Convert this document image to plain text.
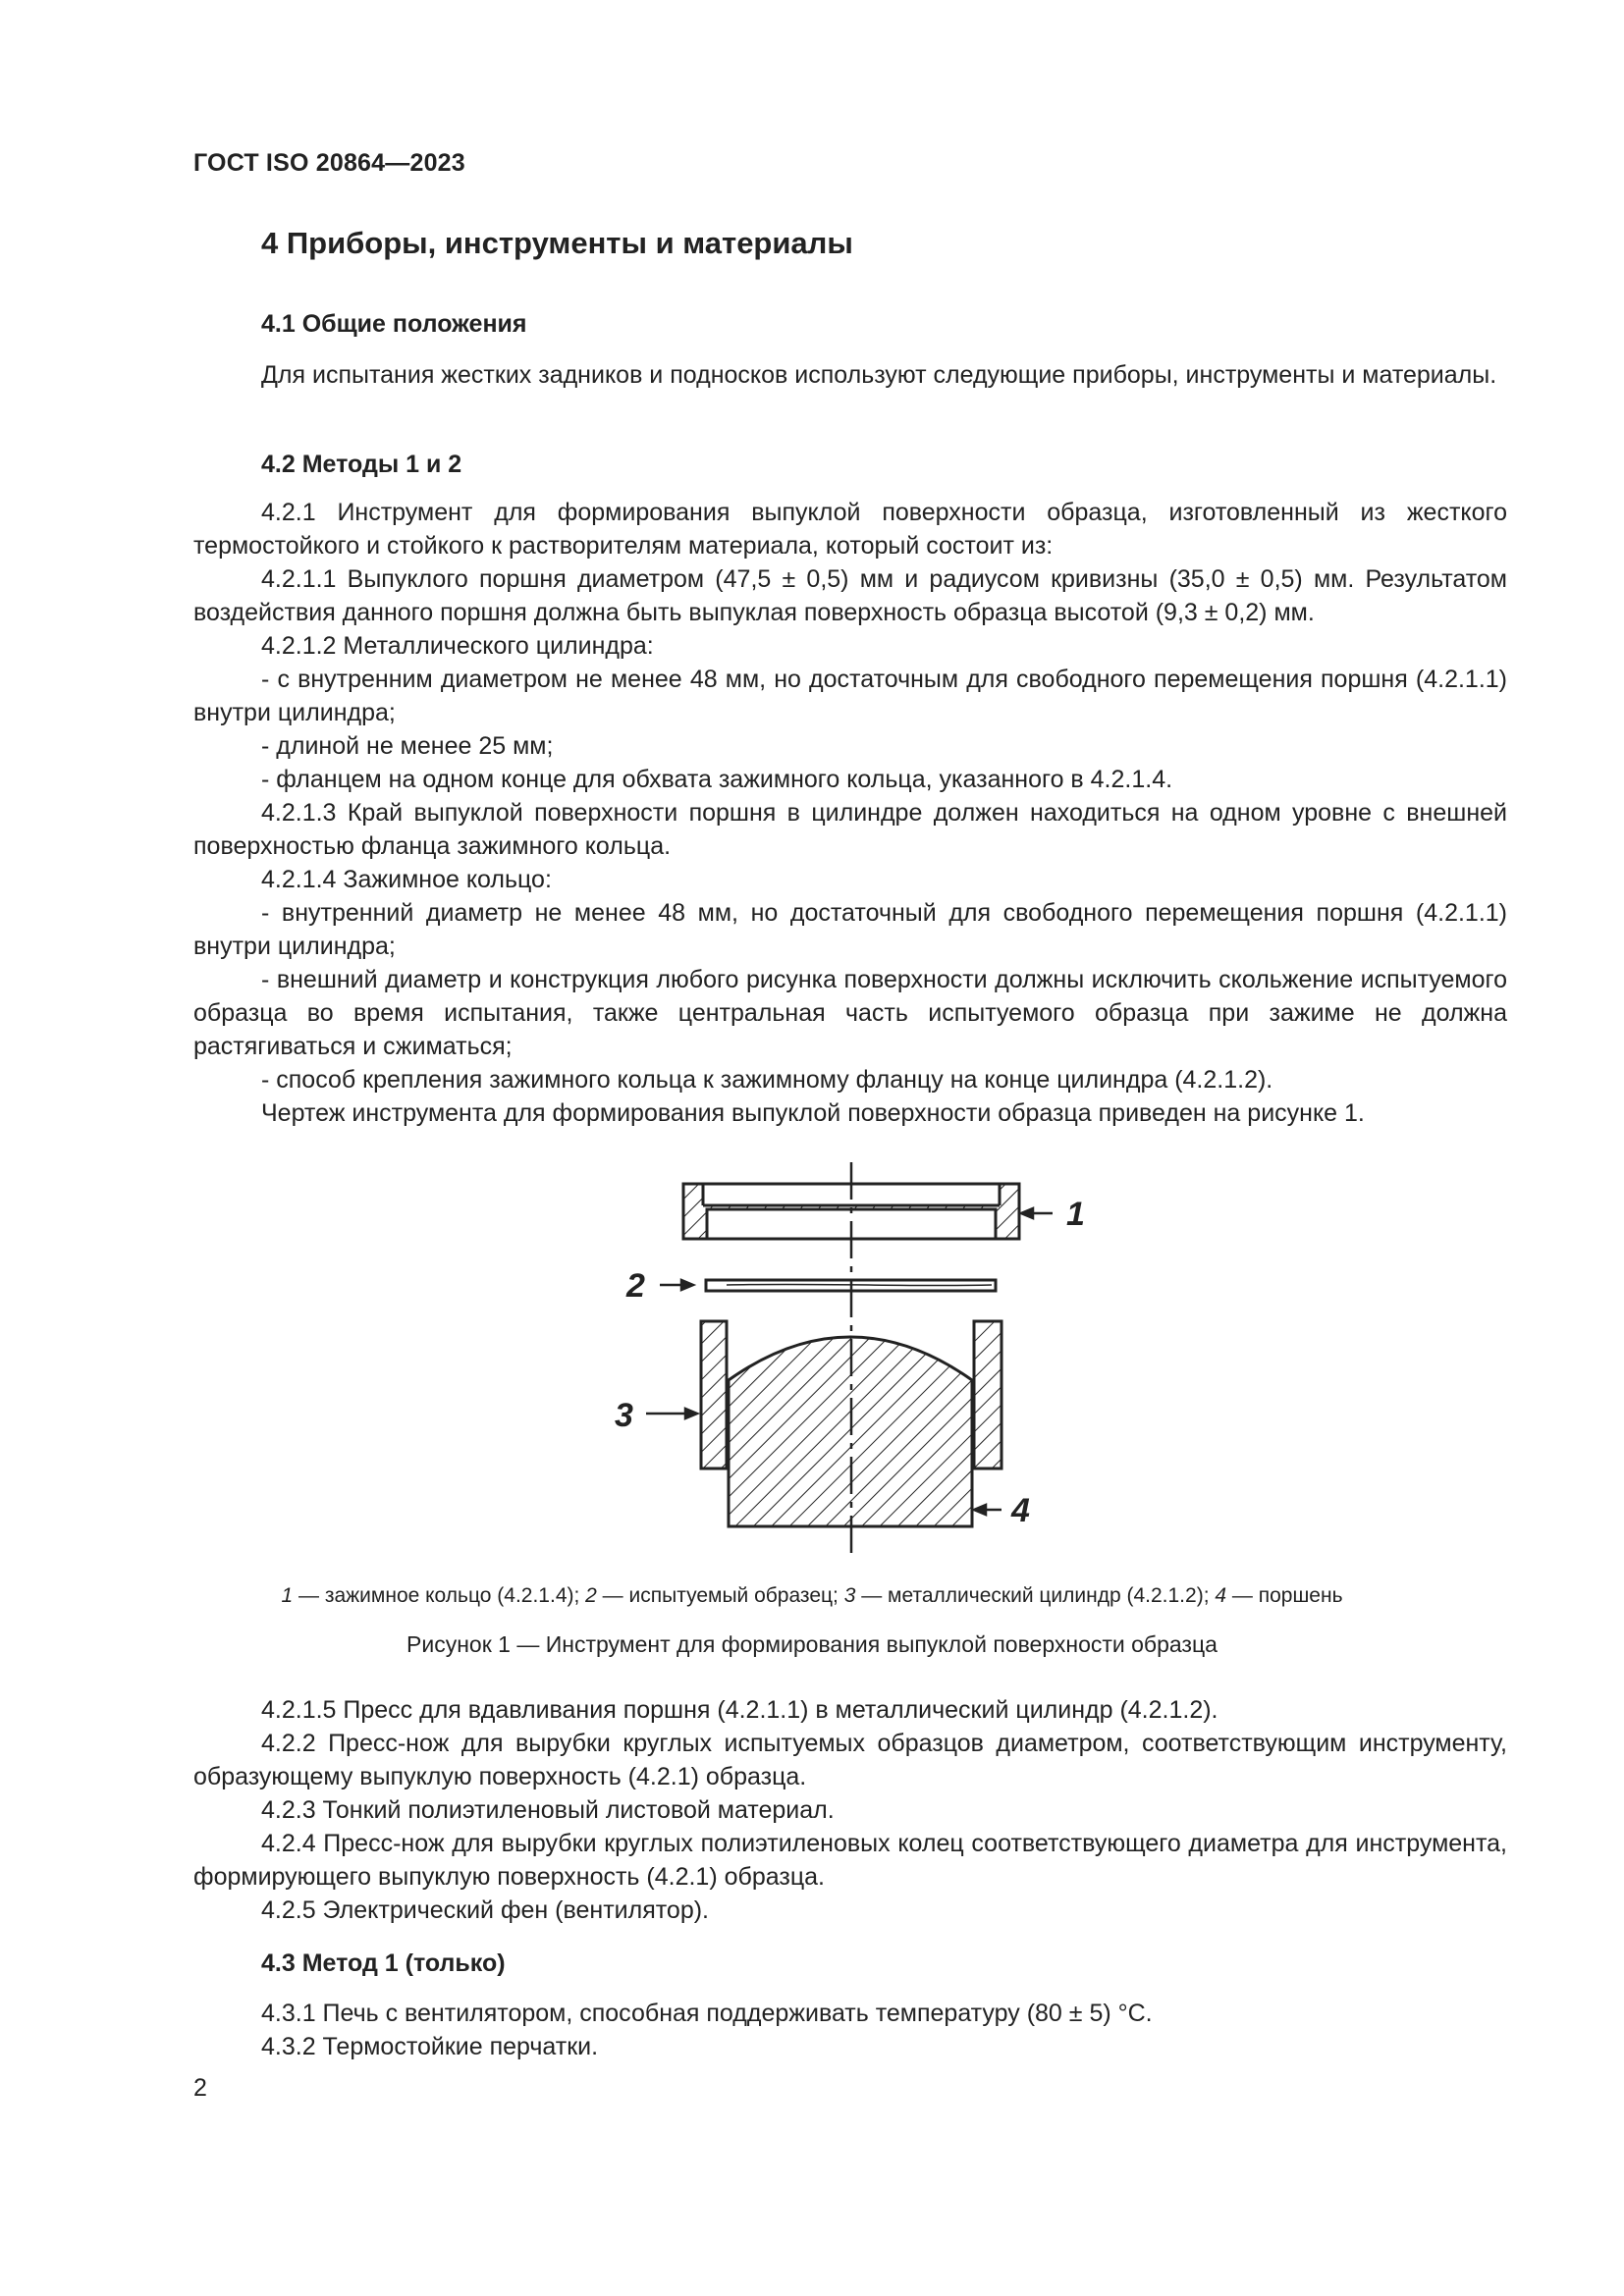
ГОСТ ISO 20864—2023
4 Приборы, инструменты и материалы
4.1 Общие положения
Для испытания жестких задников и подносков используют следующие приборы, инструменты и материалы.
4.2 Методы 1 и 2
4.2.1 Инструмент для формирования выпуклой поверхности образца, изготовленный из жесткого термостойкого и стойкого к растворителям материала, который состоит из:
4.2.1.1 Выпуклого поршня диаметром (47,5 ± 0,5) мм и радиусом кривизны (35,0 ± 0,5) мм. Результатом воздействия данного поршня должна быть выпуклая поверхность образца высотой (9,3 ± 0,2) мм.
4.2.1.2 Металлического цилиндра:
- с внутренним диаметром не менее 48 мм, но достаточным для свободного перемещения поршня (4.2.1.1) внутри цилиндра;
- длиной не менее 25 мм;
- фланцем на одном конце для обхвата зажимного кольца, указанного в 4.2.1.4.
4.2.1.3 Край выпуклой поверхности поршня в цилиндре должен находиться на одном уровне с внешней поверхностью фланца зажимного кольца.
4.2.1.4 Зажимное кольцо:
- внутренний диаметр не менее 48 мм, но достаточный для свободного перемещения поршня (4.2.1.1) внутри цилиндра;
- внешний диаметр и конструкция любого рисунка поверхности должны исключить скольжение испытуемого образца во время испытания, также центральная часть испытуемого образца при зажиме не должна растягиваться и сжиматься;
- способ крепления зажимного кольца к зажимному фланцу на конце цилиндра (4.2.1.2).
Чертеж инструмента для формирования выпуклой поверхности образца приведен на рисунке 1.
1
2
3
4
1 — зажимное кольцо (4.2.1.4); 2 — испытуемый образец; 3 — металлический цилиндр (4.2.1.2); 4 — поршень
Рисунок 1 — Инструмент для формирования выпуклой поверхности образца
4.2.1.5 Пресс для вдавливания поршня (4.2.1.1) в металлический цилиндр (4.2.1.2).
4.2.2 Пресс-нож для вырубки круглых испытуемых образцов диаметром, соответствующим инструменту, образующему выпуклую поверхность (4.2.1) образца.
4.2.3 Тонкий полиэтиленовый листовой материал.
4.2.4 Пресс-нож для вырубки круглых полиэтиленовых колец соответствующего диаметра для инструмента, формирующего выпуклую поверхность (4.2.1) образца.
4.2.5 Электрический фен (вентилятор).
4.3 Метод 1 (только)
4.3.1 Печь с вентилятором, способная поддерживать температуру (80 ± 5) °C.
4.3.2 Термостойкие перчатки.
2
